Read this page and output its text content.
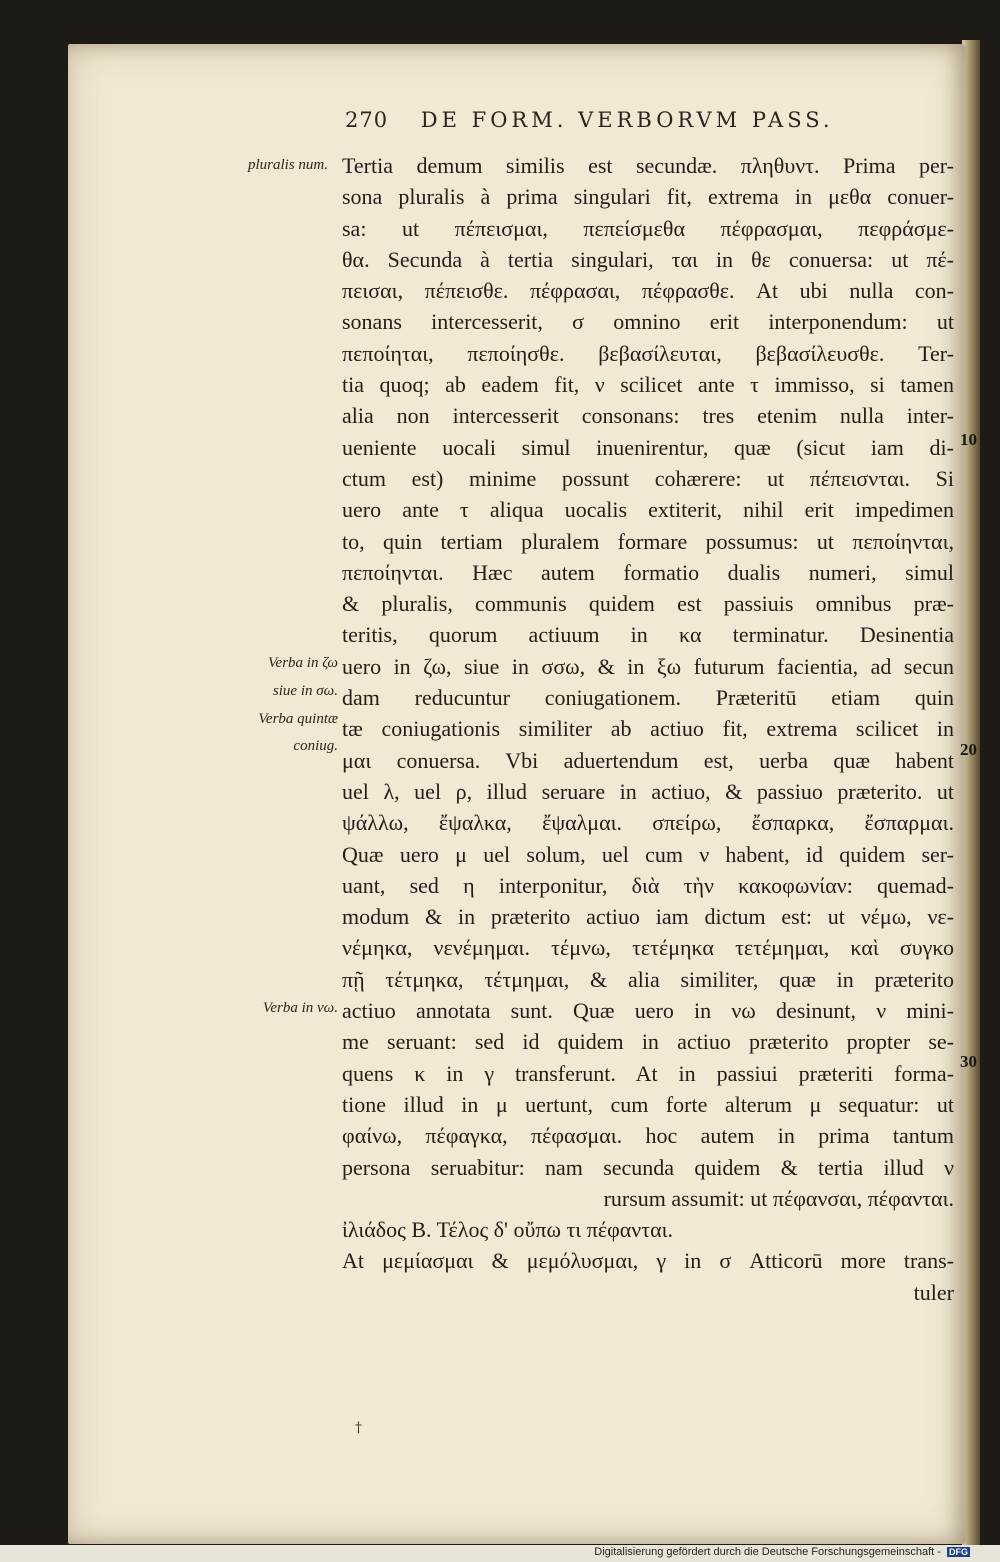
270 DE FORM. VERBORVM PASS.
pluralis num.
Verba in ζω
siue in σω.
Verba quintæ
coniug.
Verba in νω.
10
20
30
Tertia demum similis est secundæ. πληθυντ. Prima per-
sona pluralis à prima singulari fit, extrema in μεθα conuer-
sa: ut πέπεισμαι, πεπείσμεθα πέφρασμαι, πεφράσμε-
θα. Secunda à tertia singulari, ται in θε conuersa: ut πέ-
πεισαι, πέπεισθε. πέφρασαι, πέφρασθε. At ubi nulla con-
sonans intercesserit, σ omnino erit interponendum: ut
πεποίηται, πεποίησθε. βεβασίλευται, βεβασίλευσθε. Ter-
tia quoq; ab eadem fit, ν scilicet ante τ immisso, si tamen
alia non intercesserit consonans: tres etenim nulla inter-
ueniente uocali simul inuenirentur, quæ (sicut iam di-
ctum est) minime possunt cohærere: ut πέπεισνται. Si
uero ante τ aliqua uocalis extiterit, nihil erit impedimen
to, quin tertiam pluralem formare possumus: ut πεποίηνται,
πεποίηνται. Hæc autem formatio dualis numeri, simul
& pluralis, communis quidem est passiuis omnibus præ-
teritis, quorum actiuum in κα terminatur. Desinentia
uero in ζω, siue in σσω, & in ξω futurum facientia, ad secun
dam reducuntur coniugationem. Præteritū etiam quin
tæ coniugationis similiter ab actiuo fit, extrema scilicet in
μαι conuersa. Vbi aduertendum est, uerba quæ habent
uel λ, uel ρ, illud seruare in actiuo, & passiuo præterito. ut
ψάλλω, ἔψαλκα, ἔψαλμαι. σπείρω, ἔσπαρκα, ἔσπαρμαι.
Quæ uero μ uel solum, uel cum ν habent, id quidem ser-
uant, sed η interponitur, διὰ τὴν κακοφωνίαν: quemad-
modum & in præterito actiuo iam dictum est: ut νέμω, νε-
νέμηκα, νενέμημαι. τέμνω, τετέμηκα τετέμημαι, καὶ συγκο
πῇ τέτμηκα, τέτμημαι, & alia similiter, quæ in præterito
actiuo annotata sunt. Quæ uero in νω desinunt, ν mini-
me seruant: sed id quidem in actiuo præterito propter se-
quens κ in γ transferunt. At in passiui præteriti forma-
tione illud in μ uertunt, cum forte alterum μ sequatur: ut
φαίνω, πέφαγκα, πέφασμαι. hoc autem in prima tantum
persona seruabitur: nam secunda quidem & tertia illud ν
rursum assumit: ut πέφανσαι, πέφανται.
ἰλιάδος Β. Τέλος δ' οὔπω τι πέφανται.
At μεμίασμαι & μεμόλυσμαι, γ in σ Atticorū more trans-
tuler
†
Digitalisierung gefördert durch die Deutsche Forschungsgemeinschaft - DFG
